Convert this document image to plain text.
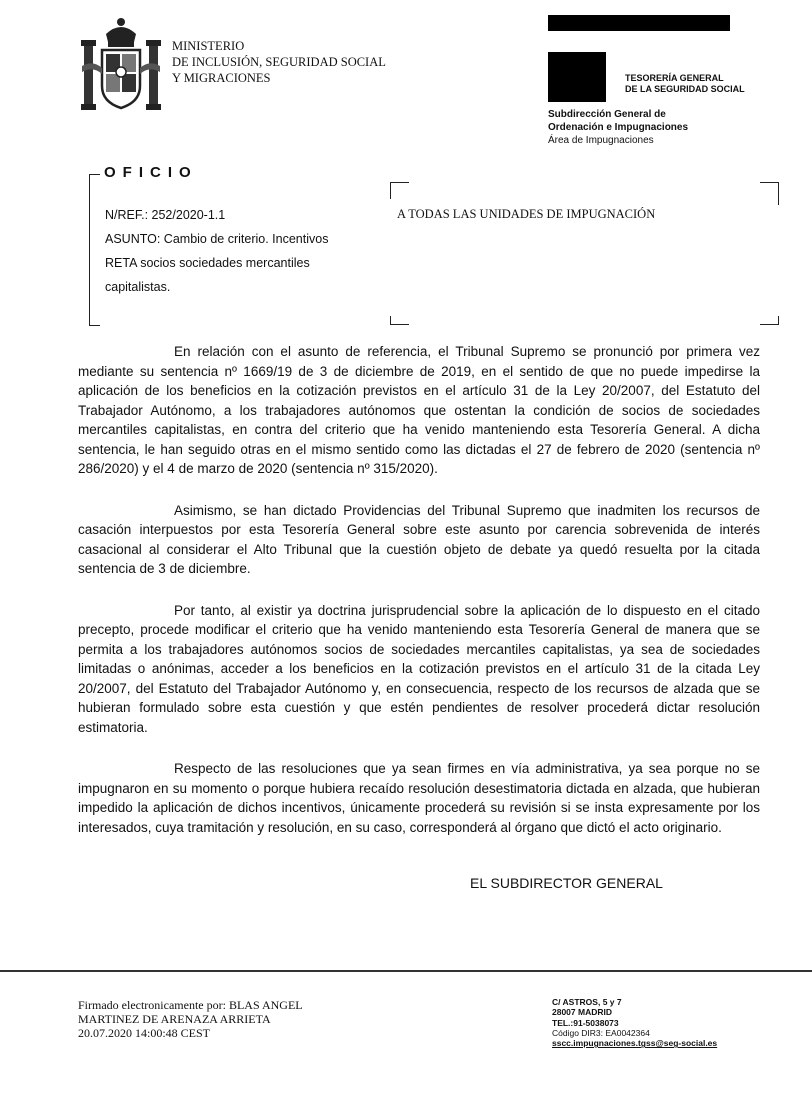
MINISTERIO
DE INCLUSIÓN, SEGURIDAD SOCIAL
Y MIGRACIONES	TESORERÍA GENERAL
DE LA SEGURIDAD SOCIAL
Subdirección General de
Ordenación e Impugnaciones
Área de Impugnaciones
OFICIO
N/REF.: 252/2020-1.1
ASUNTO: Cambio de criterio. Incentivos
RETA socios sociedades mercantiles
capitalistas.
A TODAS LAS UNIDADES DE IMPUGNACIÓN

En relación con el asunto de referencia, el Tribunal Supremo se pronunció por primera vez mediante su sentencia nº 1669/19 de 3 de diciembre de 2019, en el sentido de que no puede impedirse la aplicación de los beneficios en la cotización previstos en el artículo 31 de la Ley 20/2007, del Estatuto del Trabajador Autónomo, a los trabajadores autónomos que ostentan la condición de socios de sociedades mercantiles capitalistas, en contra del criterio que ha venido manteniendo esta Tesorería General. A dicha sentencia, le han seguido otras en el mismo sentido como las dictadas el 27 de febrero de 2020 (sentencia nº 286/2020) y el 4 de marzo de 2020 (sentencia nº 315/2020).

Asimismo, se han dictado Providencias del Tribunal Supremo que inadmiten los recursos de casación interpuestos por esta Tesorería General sobre este asunto por carencia sobrevenida de interés casacional al considerar el Alto Tribunal que la cuestión objeto de debate ya quedó resuelta por la citada sentencia de 3 de diciembre.

Por tanto, al existir ya doctrina jurisprudencial sobre la aplicación de lo dispuesto en el citado precepto, procede modificar el criterio que ha venido manteniendo esta Tesorería General de manera que se permita a los trabajadores autónomos socios de sociedades mercantiles capitalistas, ya sea de sociedades limitadas o anónimas, acceder a los beneficios en la cotización previstos en el artículo 31 de la citada Ley 20/2007, del Estatuto del Trabajador Autónomo y, en consecuencia, respecto de los recursos de alzada que se hubieran formulado sobre esta cuestión y que estén pendientes de resolver procederá dictar resolución estimatoria.

Respecto de las resoluciones que ya sean firmes en vía administrativa, ya sea porque no se impugnaron en su momento o porque hubiera recaído resolución desestimatoria dictada en alzada, que hubieran impedido la aplicación de dichos incentivos, únicamente procederá su revisión si se insta expresamente por los interesados, cuya tramitación y resolución, en su caso, corresponderá al órgano que dictó el acto originario.

EL SUBDIRECTOR GENERAL
Firmado electronicamente por: BLAS ANGEL
MARTINEZ DE ARENAZA ARRIETA
20.07.2020 14:00:48 CEST
C/ ASTROS, 5 y 7
28007 MADRID
TEL.:91-5038073
Código DIR3: EA0042364
sscc.impugnaciones.tgss@seg-social.es
